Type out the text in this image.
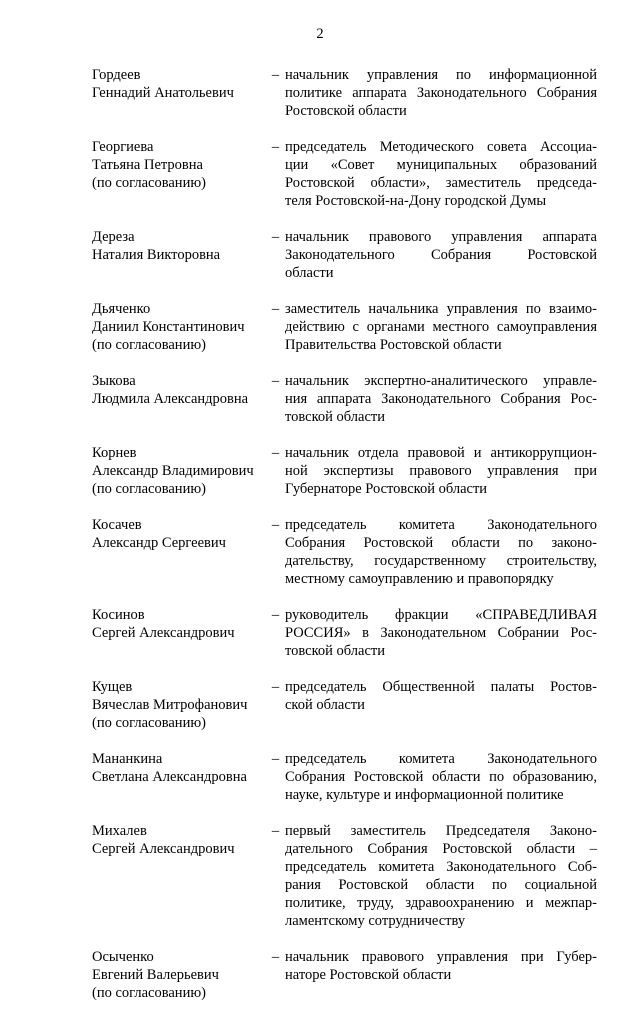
2
Гордеев
Геннадий Анатольевич
– начальник управления по информационной
политике аппарата Законодательного Собрания
Ростовской области
Георгиева
Татьяна Петровна
(по согласованию)
– председатель Методического совета Ассоциа-
ции «Совет муниципальных образований
Ростовской области», заместитель председа-
теля Ростовской-на-Дону городской Думы
Дереза
Наталия Викторовна
– начальник правового управления аппарата
Законодательного Собрания Ростовской
области
Дьяченко
Даниил Константинович
(по согласованию)
– заместитель начальника управления по взаимо-
действию с органами местного самоуправления
Правительства Ростовской области
Зыкова
Людмила Александровна
– начальник экспертно-аналитического управле-
ния аппарата Законодательного Собрания Рос-
товской области
Корнев
Александр Владимирович
(по согласованию)
– начальник отдела правовой и антикоррупцион-
ной экспертизы правового управления при
Губернаторе Ростовской области
Косачев
Александр Сергеевич
– председатель комитета Законодательного
Собрания Ростовской области по законо-
дательству, государственному строительству,
местному самоуправлению и правопорядку
Косинов
Сергей Александрович
– руководитель фракции «СПРАВЕДЛИВАЯ
РОССИЯ» в Законодательном Собрании Рос-
товской области
Кущев
Вячеслав Митрофанович
(по согласованию)
– председатель Общественной палаты Ростов-
ской области
Мананкина
Светлана Александровна
– председатель комитета Законодательного
Собрания Ростовской области по образованию,
науке, культуре и информационной политике
Михалев
Сергей Александрович
– первый заместитель Председателя Законо-
дательного Собрания Ростовской области –
председатель комитета Законодательного Соб-
рания Ростовской области по социальной
политике, труду, здравоохранению и межпар-
ламентскому сотрудничеству
Осыченко
Евгений Валерьевич
(по согласованию)
– начальник правового управления при Губер-
наторе Ростовской области
